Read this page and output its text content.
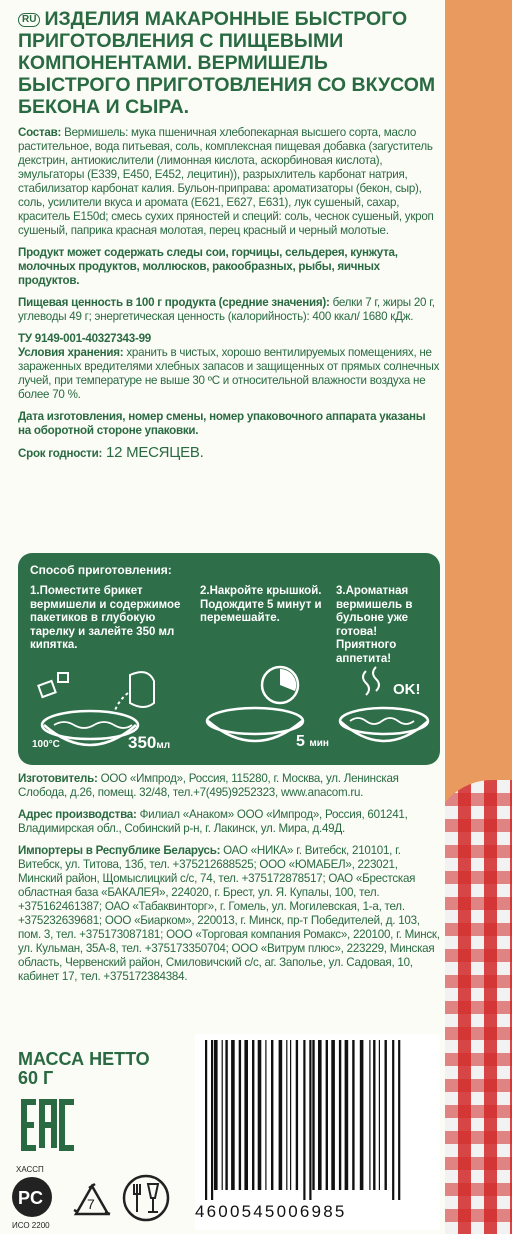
RU ИЗДЕЛИЯ МАКАРОННЫЕ БЫСТРОГО ПРИГОТОВЛЕНИЯ С ПИЩЕВЫМИ КОМПОНЕНТАМИ. ВЕРМИШЕЛЬ БЫСТРОГО ПРИГОТОВЛЕНИЯ СО ВКУСОМ БЕКОНА И СЫРА.

Состав: Вермишель: мука пшеничная хлебопекарная высшего сорта, масло растительное, вода питьевая, соль, комплексная пищевая добавка (загуститель декстрин, антиокислители (лимонная кислота, аскорбиновая кислота), эмульгаторы (Е339, Е450, Е452, лецитин)), разрыхлитель карбонат натрия, стабилизатор карбонат калия. Бульон-приправа: ароматизаторы (бекон, сыр), соль, усилители вкуса и аромата (Е621, Е627, Е631), лук сушеный, сахар, краситель Е150d; смесь сухих пряностей и специй: соль, чеснок сушеный, укроп сушеный, паприка красная молотая, перец красный и черный молотые.

Продукт может содержать следы сои, горчицы, сельдерея, кунжута, молочных продуктов, моллюсков, ракообразных, рыбы, яичных продуктов.

Пищевая ценность в 100 г продукта (средние значения): белки 7 г, жиры 20 г, углеводы 49 г; энергетическая ценность (калорийность): 400 ккал/ 1680 кДж.

ТУ 9149-001-40327343-99

Условия хранения: хранить в чистых, хорошо вентилируемых помещениях, не зараженных вредителями хлебных запасов и защищенных от прямых солнечных лучей, при температуре не выше 30 ºС и относительной влажности воздуха не более 70 %.

Дата изготовления, номер смены, номер упаковочного аппарата указаны на оборотной стороне упаковки.

Срок годности: 12 МЕСЯЦЕВ.

Способ приготовления:
1.Поместите брикет вермишели и содержимое пакетиков в глубокую тарелку и залейте 350 мл кипятка.
2.Накройте крышкой. Подождите 5 минут и перемешайте.
3.Ароматная вермишель в бульоне уже готова! Приятного аппетита!
100°С	350мл	5 мин
OK!

Изготовитель: ООО «Импрод», Россия, 115280, г. Москва, ул. Ленинская Слобода, д.26, помещ. 32/48, тел.+7(495)9252323, www.anacom.ru.

Адрес производства: Филиал «Анаком» ООО «Импрод», Россия, 601241, Владимирская обл., Собинский р-н, г. Лакинск, ул. Мира, д.49Д.

Импортеры в Республике Беларусь: ОАО «НИКА» г. Витебск, 210101, г. Витебск, ул. Титова, 13б, тел. +375212688525; ООО «ЮМАБЕЛ», 223021, Минский район, Щомыслицкий с/с, 74, тел. +375172878517; ОАО «Брестская областная база «БАКАЛЕЯ», 224020, г. Брест, ул. Я. Купалы, 100, тел. +375162461387; ОАО «Табаквинторг», г. Гомель, ул. Могилевская, 1-а, тел. +375232639681; ООО «Биарком», 220013, г. Минск, пр-т Победителей, д. 103, пом. 3, тел. +375173087181; ООО «Торговая компания Ромакс», 220100, г. Минск, ул. Кульман, 35А-8, тел. +375173350704; ООО «Витрум плюс», 223229, Минская область, Червенский район, Смиловичский с/с, аг. Заполье, ул. Садовая, 10, кабинет 17, тел. +375172384384.

МАССА НЕТТО
60 Г
ХАССП
PC
ИСО 2200
7	4600545006985
